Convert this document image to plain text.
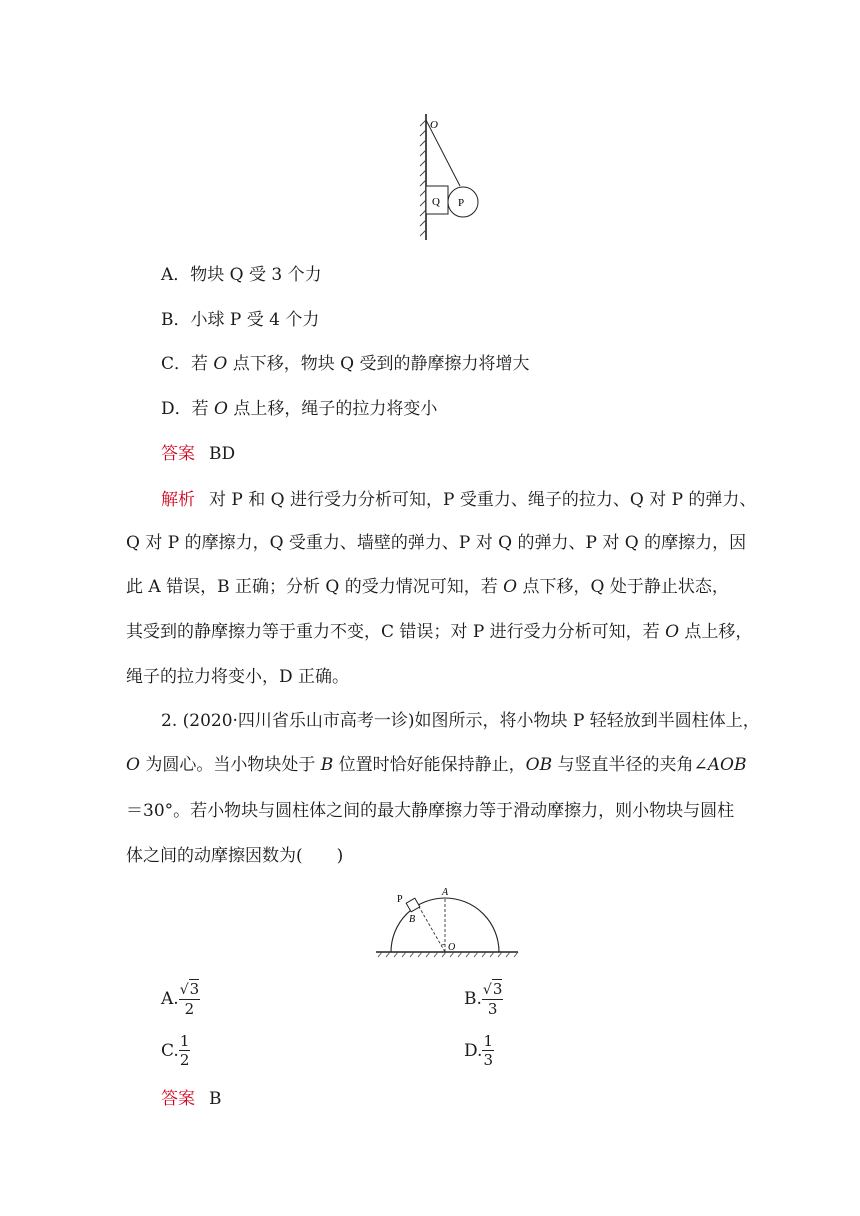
O
Q P
A．物块 Q 受 3 个力
B．小球 P 受 4 个力
C．若 O 点下移，物块 Q 受到的静摩擦力将增大
D．若 O 点上移，绳子的拉力将变小
答案 BD
解析 对 P 和 Q 进行受力分析可知，P 受重力、绳子的拉力、Q 对 P 的弹力、
Q 对 P 的摩擦力，Q 受重力、墙壁的弹力、P 对 Q 的弹力、P 对 Q 的摩擦力，因
此 A 错误，B 正确；分析 Q 的受力情况可知，若 O 点下移，Q 处于静止状态，
其受到的静摩擦力等于重力不变，C 错误；对 P 进行受力分析可知，若 O 点上移，
绳子的拉力将变小，D 正确。
2. (2020·四川省乐山市高考一诊)如图所示，将小物块 P 轻轻放到半圆柱体上，
O 为圆心。当小物块处于 B 位置时恰好能保持静止，OB 与竖直半径的夹角∠AOB
＝30°。若小物块与圆柱体之间的最大静摩擦力等于滑动摩擦力，则小物块与圆柱
体之间的动摩擦因数为(　　)
P
A
B
O
A. $\frac{√3}{2}$	B. $\frac{√3}{3}$
C. $\frac{1}{2}$	D. $\frac{1}{3}$
答案 B
